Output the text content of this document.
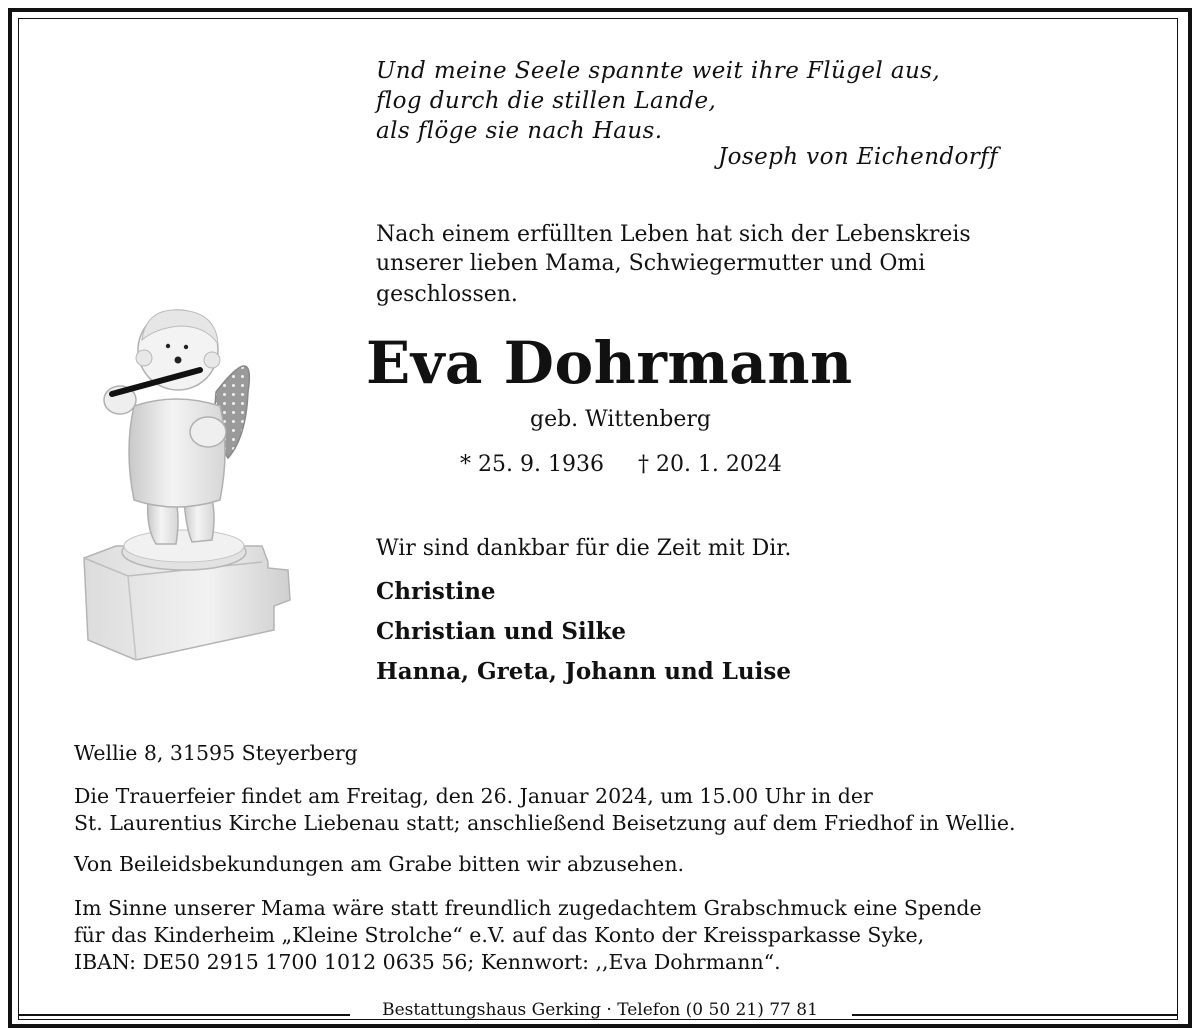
Und meine Seele spannte weit ihre Flügel aus,
flog durch die stillen Lande,
als flöge sie nach Haus.
Joseph von Eichendorff
Nach einem erfüllten Leben hat sich der Lebenskreis
unserer lieben Mama, Schwiegermutter und Omi
geschlossen.
Eva Dohrmann
geb. Wittenberg
* 25. 9. 1936 † 20. 1. 2024
Wir sind dankbar für die Zeit mit Dir.
Christine
Christian und Silke
Hanna, Greta, Johann und Luise
Wellie 8, 31595 Steyerberg
Die Trauerfeier findet am Freitag, den 26. Januar 2024, um 15.00 Uhr in der
St. Laurentius Kirche Liebenau statt; anschließend Beisetzung auf dem Friedhof in Wellie.
Von Beileidsbekundungen am Grabe bitten wir abzusehen.
Im Sinne unserer Mama wäre statt freundlich zugedachtem Grabschmuck eine Spende
für das Kinderheim „Kleine Strolche“ e.V. auf das Konto der Kreissparkasse Syke,
IBAN: DE50 2915 1700 1012 0635 56; Kennwort: ,,Eva Dohrmann“.
Bestattungshaus Gerking · Telefon (0 50 21) 77 81
